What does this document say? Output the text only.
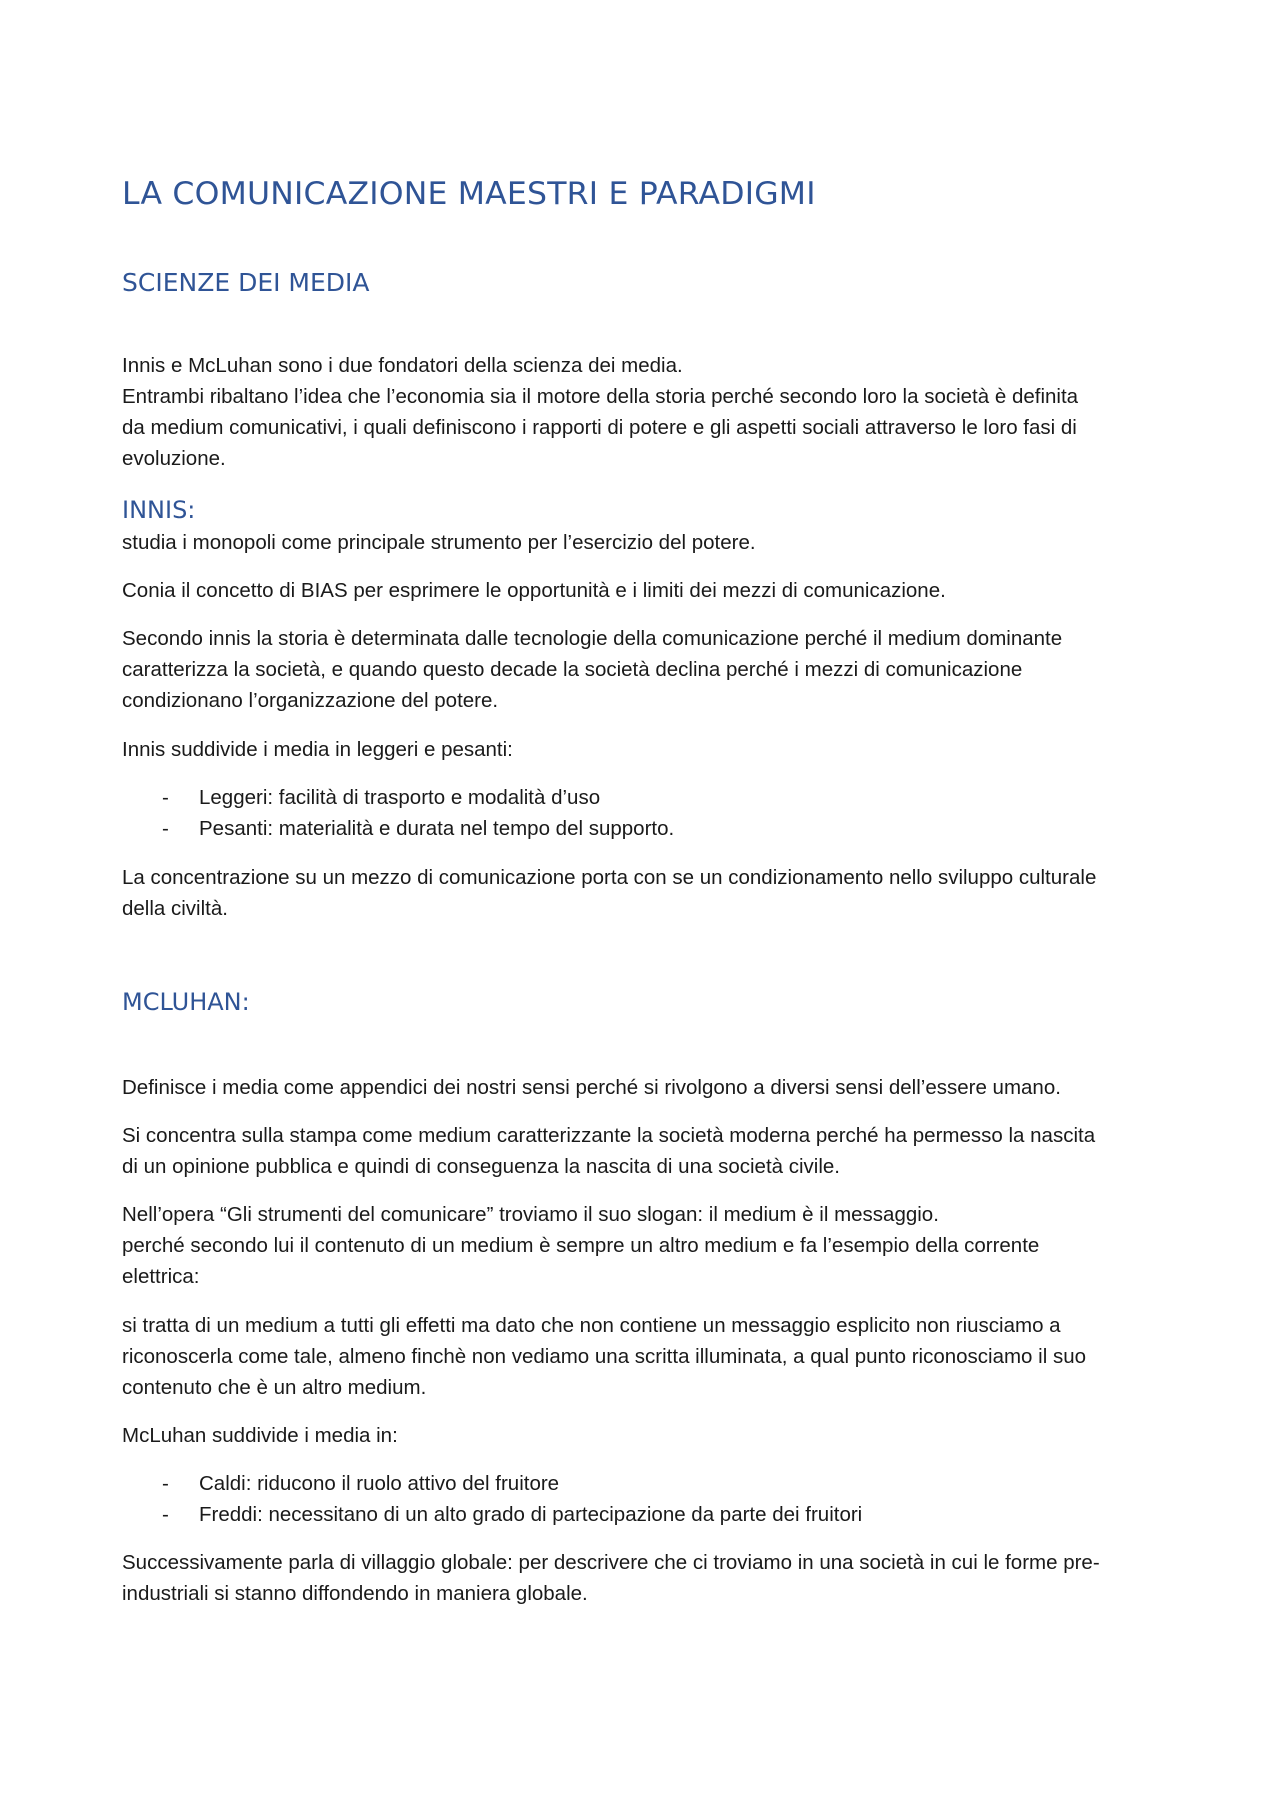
LA COMUNICAZIONE MAESTRI E PARADIGMI
SCIENZE DEI MEDIA

Innis e McLuhan sono i due fondatori della scienza dei media.

Entrambi ribaltano l’idea che l’economia sia il motore della storia perché secondo loro la società è definita

da medium comunicativi, i quali definiscono i rapporti di potere e gli aspetti sociali attraverso le loro fasi di

evoluzione.

INNIS:

studia i monopoli come principale strumento per l’esercizio del potere.

Conia il concetto di BIAS per esprimere le opportunità e i limiti dei mezzi di comunicazione.

Secondo innis la storia è determinata dalle tecnologie della comunicazione perché il medium dominante

caratterizza la società, e quando questo decade la società declina perché i mezzi di comunicazione

condizionano l’organizzazione del potere.

Innis suddivide i media in leggeri e pesanti:

- Leggeri: facilità di trasporto e modalità d’uso
- Pesanti: materialità e durata nel tempo del supporto.

La concentrazione su un mezzo di comunicazione porta con se un condizionamento nello sviluppo culturale

della civiltà.

MCLUHAN:

Definisce i media come appendici dei nostri sensi perché si rivolgono a diversi sensi dell’essere umano.

Si concentra sulla stampa come medium caratterizzante la società moderna perché ha permesso la nascita

di un opinione pubblica e quindi di conseguenza la nascita di una società civile.

Nell’opera “Gli strumenti del comunicare” troviamo il suo slogan: il medium è il messaggio.

perché secondo lui il contenuto di un medium è sempre un altro medium e fa l’esempio della corrente

elettrica:

si tratta di un medium a tutti gli effetti ma dato che non contiene un messaggio esplicito non riusciamo a

riconoscerla come tale, almeno finchè non vediamo una scritta illuminata, a qual punto riconosciamo il suo

contenuto che è un altro medium.

McLuhan suddivide i media in:

- Caldi: riducono il ruolo attivo del fruitore
- Freddi: necessitano di un alto grado di partecipazione da parte dei fruitori

Successivamente parla di villaggio globale: per descrivere che ci troviamo in una società in cui le forme pre-

industriali si stanno diffondendo in maniera globale.
